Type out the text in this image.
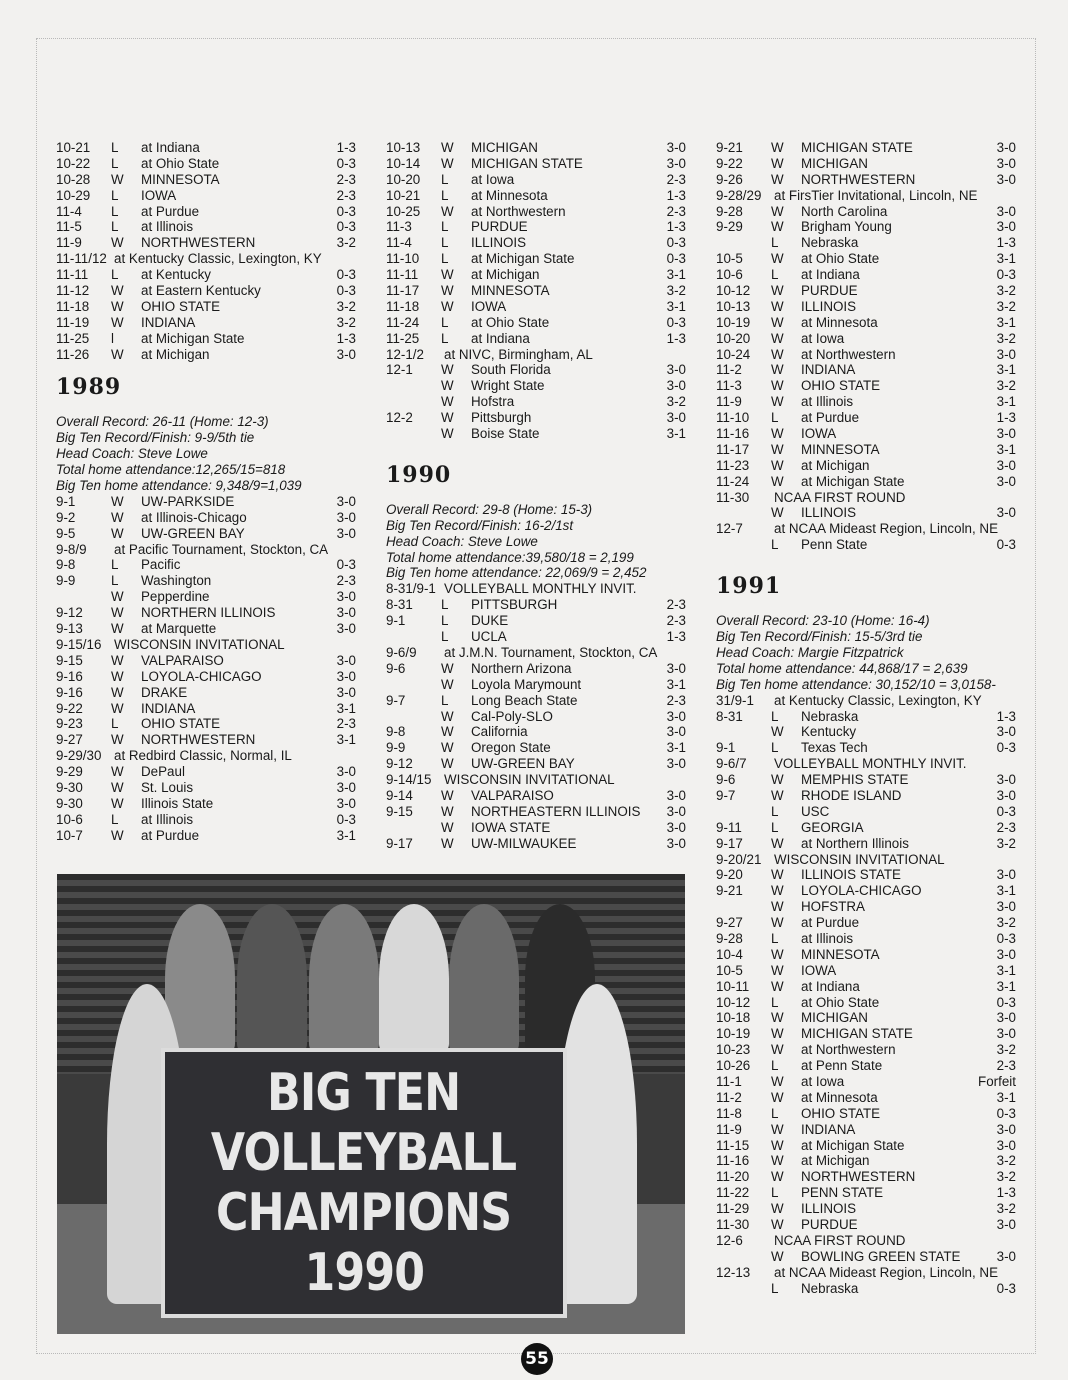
10-21 L at Indiana	1-3
10-22 L at Ohio State	0-3
10-28 W MINNESOTA	2-3
10-29 L IOWA	2-3
11-4 L at Purdue	0-3
11-5 L at Illinois	0-3
11-9 W NORTHWESTERN	3-2
11-11/12 at Kentucky Classic, Lexington, KY
11-11 L at Kentucky	0-3
11-12 W at Eastern Kentucky	0-3
11-18 W OHIO STATE	3-2
11-19 W INDIANA	3-2
11-25 l at Michigan State	1-3
11-26 W at Michigan	3-0
1989
Overall Record: 26-11 (Home: 12-3)
Big Ten Record/Finish: 9-9/5th tie
Head Coach: Steve Lowe
Total home attendance:12,265/15=818
Big Ten home attendance: 9,348/9=1,039
9-1	W UW-PARKSIDE	3-0
9-2	W at Illinois-Chicago	3-0
9-5	W UW-GREEN BAY	3-0
9-8/9 at Pacific Tournament, Stockton, CA
9-8	L Pacific	0-3
9-9	L Washington	2-3
W Pepperdine	3-0
9-12 W NORTHERN ILLINOIS	3-0
9-13 W at Marquette	3-0
9-15/16 WISCONSIN INVITATIONAL
9-15 W VALPARAISO	3-0
9-16 W LOYOLA-CHICAGO	3-0
9-16 W DRAKE	3-0
9-22 W INDIANA	3-1
9-23 L OHIO STATE	2-3
9-27 W NORTHWESTERN	3-1
9-29/30 at Redbird Classic, Normal, IL
9-29 W DePaul	3-0
9-30 W St. Louis	3-0
9-30 W Illinois State	3-0
10-6 L at Illinois	0-3
10-7 W at Purdue	3-1
10-13 W MICHIGAN	3-0
10-14 W MICHIGAN STATE	3-0
10-20 L at Iowa	2-3
10-21 L at Minnesota	1-3
10-25 W at Northwestern	2-3
11-3 L PURDUE	1-3
11-4 L ILLINOIS	0-3
11-10 L at Michigan State	0-3
11-11 W at Michigan	3-1
11-17 W MINNESOTA	3-2
11-18 W IOWA	3-1
11-24 L at Ohio State	0-3
11-25 L at Indiana	1-3
12-1/2 at NIVC, Birmingham, AL
12-1 W South Florida	3-0
W Wright State	3-0
W Hofstra	3-2
12-2 W Pittsburgh	3-0
W Boise State	3-1
1990
Overall Record: 29-8 (Home: 15-3)
Big Ten Record/Finish: 16-2/1st
Head Coach: Steve Lowe
Total home attendance:39,580/18 = 2,199
Big Ten home attendance: 22,069/9 = 2,452
8-31/9-1 VOLLEYBALL MONTHLY INVIT.
8-31 L PITTSBURGH	2-3
9-1	L DUKE	2-3
L UCLA	1-3
9-6/9 at J.M.N. Tournament, Stockton, CA
9-6	W Northern Arizona	3-0
W Loyola Marymount	3-1
9-7	L Long Beach State	2-3
W Cal-Poly-SLO	3-0
9-8	W California	3-0
9-9	W Oregon State	3-1
9-12 W UW-GREEN BAY	3-0
9-14/15 WISCONSIN INVITATIONAL
9-14 W VALPARAISO	3-0
9-15 W NORTHEASTERN ILLINOIS 3-0
W IOWA STATE	3-0
9-17 W UW-MILWAUKEE	3-0
9-21 W MICHIGAN STATE	3-0
9-22 W MICHIGAN	3-0
9-26 W NORTHWESTERN	3-0
9-28/29 at FirsTier Invitational, Lincoln, NE
9-28 W North Carolina	3-0
9-29 W Brigham Young	3-0
L Nebraska	1-3
10-5 W at Ohio State	3-1
10-6 L at Indiana	0-3
10-12 W PURDUE	3-2
10-13 W ILLINOIS	3-2
10-19 W at Minnesota	3-1
10-20 W at Iowa	3-2
10-24 W at Northwestern	3-0
11-2 W INDIANA	3-1
11-3 W OHIO STATE	3-2
11-9 W at Illinois	3-1
11-10 L at Purdue	1-3
11-16 W IOWA	3-0
11-17 W MINNESOTA	3-1
11-23 W at Michigan	3-0
11-24 W at Michigan State	3-0
11-30 NCAA FIRST ROUND
W ILLINOIS	3-0
12-7 at NCAA Mideast Region, Lincoln, NE
L Penn State	0-3
1991
Overall Record: 23-10 (Home: 16-4)
Big Ten Record/Finish: 15-5/3rd tie
Head Coach: Margie Fitzpatrick
Total home attendance: 44,868/17 = 2,639
Big Ten home attendance: 30,152/10 = 3,0158-
31/9-1 at Kentucky Classic, Lexington, KY
8-31 L Nebraska	1-3
W Kentucky	3-0
9-1	L Texas Tech	0-3
9-6/7 VOLLEYBALL MONTHLY INVIT.
9-6	W MEMPHIS STATE	3-0
9-7	W RHODE ISLAND	3-0
L USC	0-3
9-11 L GEORGIA	2-3
9-17 W at Northern Illinois	3-2
9-20/21 WISCONSIN INVITATIONAL
9-20 W ILLINOIS STATE	3-0
9-21 W LOYOLA-CHICAGO	3-1
W HOFSTRA	3-0
9-27 W at Purdue	3-2
9-28 L at Illinois	0-3
10-4 W MINNESOTA	3-0
10-5 W IOWA	3-1
10-11 W at Indiana	3-1
10-12 L at Ohio State	0-3
10-18 W MICHIGAN	3-0
10-19 W MICHIGAN STATE	3-0
10-23 W at Northwestern	3-2
10-26 L at Penn State	2-3
11-1 W at Iowa	Forfeit
11-2 W at Minnesota	3-1
11-8 L OHIO STATE	0-3
11-9 W INDIANA	3-0
11-15 W at Michigan State	3-0
11-16 W at Michigan	3-2
11-20 W NORTHWESTERN	3-2
11-22 L PENN STATE	1-3
11-29 W ILLINOIS	3-2
11-30 W PURDUE	3-0
12-6 NCAA FIRST ROUND
W BOWLING GREEN STATE	3-0
12-13 at NCAA Mideast Region, Lincoln, NE
L Nebraska	0-3
BIG TEN
VOLLEYBALL
CHAMPIONS
1990
55
